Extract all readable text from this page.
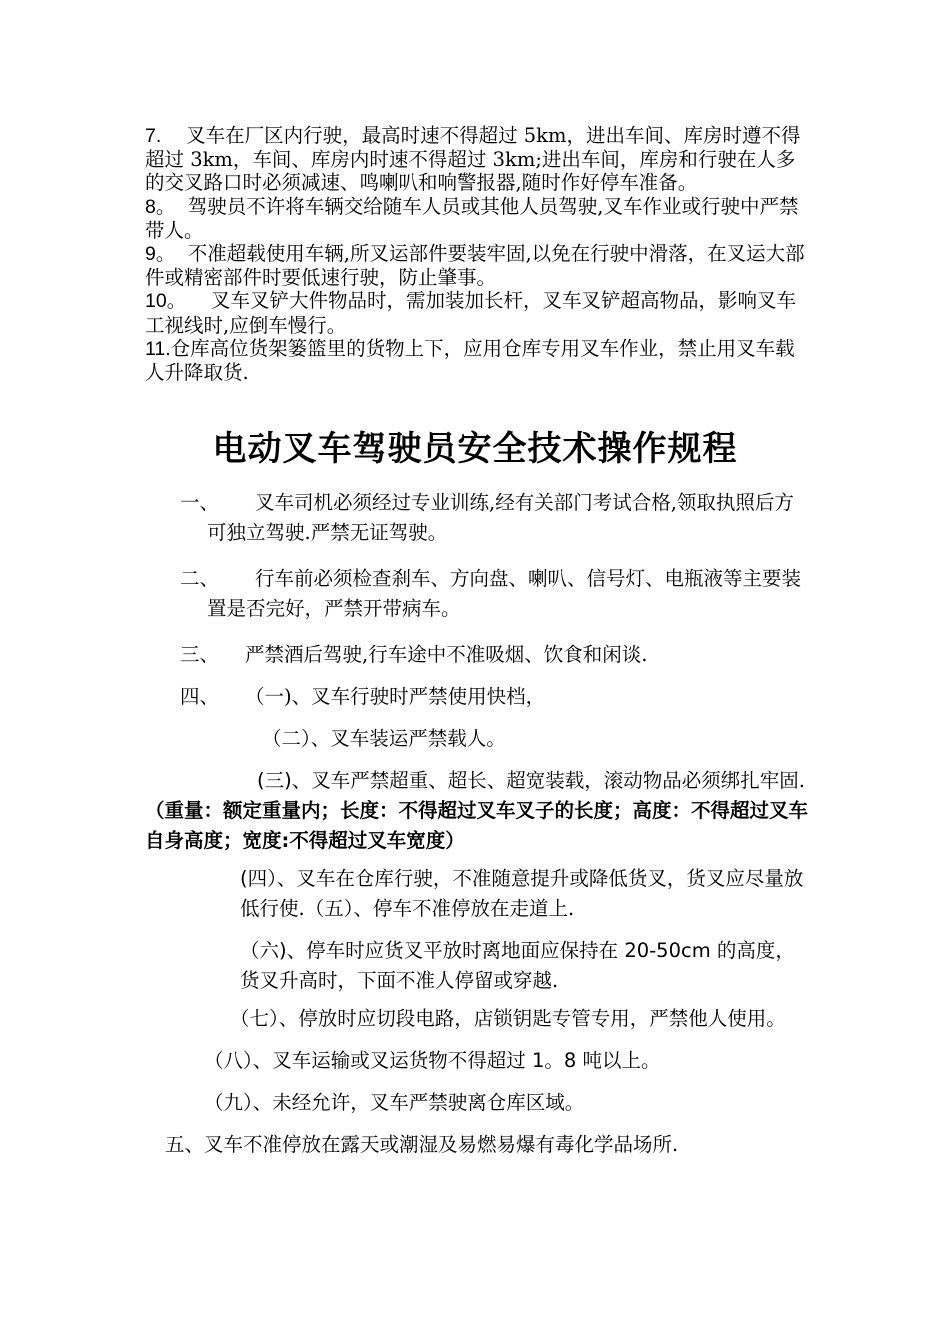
7. 叉车在厂区内行驶，最高时速不得超过 5km，进出车间、库房时遵不得超过 3km，车间、库房内时速不得超过 3km;进出车间，库房和行驶在人多的交叉路口时必须减速、鸣喇叭和响警报器,随时作好停车准备。

8。 驾驶员不许将车辆交给随车人员或其他人员驾驶,叉车作业或行驶中严禁带人。

9。 不准超载使用车辆,所叉运部件要装牢固,以免在行驶中滑落，在叉运大部件或精密部件时要低速行驶，防止肇事。

10。 叉车叉铲大件物品时，需加装加长杆，叉车叉铲超高物品，影响叉车工视线时,应倒车慢行。

11.仓库高位货架篓篮里的货物上下，应用仓库专用叉车作业，禁止用叉车载人升降取货.

电动叉车驾驶员安全技术操作规程

一、 叉车司机必须经过专业训练,经有关部门考试合格,领取执照后方可独立驾驶.严禁无证驾驶。

二、 行车前必须检查刹车、方向盘、喇叭、信号灯、电瓶液等主要装置是否完好，严禁开带病车。

三、 严禁酒后驾驶,行车途中不准吸烟、饮食和闲谈.

四、 （一)、叉车行驶时严禁使用快档，

（二）、叉车装运严禁载人。

(三)、叉车严禁超重、超长、超宽装载，滚动物品必须绑扎牢固.（重量：额定重量内；长度：不得超过叉车叉子的长度；高度：不得超过叉车自身高度；宽度:不得超过叉车宽度）

(四）、叉车在仓库行驶，不准随意提升或降低货叉，货叉应尽量放低行使.（五）、停车不准停放在走道上.

（六)、停车时应货叉平放时离地面应保持在 20-50cm 的高度，货叉升高时，下面不准人停留或穿越.

（七）、停放时应切段电路，店锁钥匙专管专用，严禁他人使用。

（八）、叉车运输或叉运货物不得超过 1。8 吨以上。

（九）、未经允许，叉车严禁驶离仓库区域。

五、叉车不准停放在露天或潮湿及易燃易爆有毒化学品场所.
